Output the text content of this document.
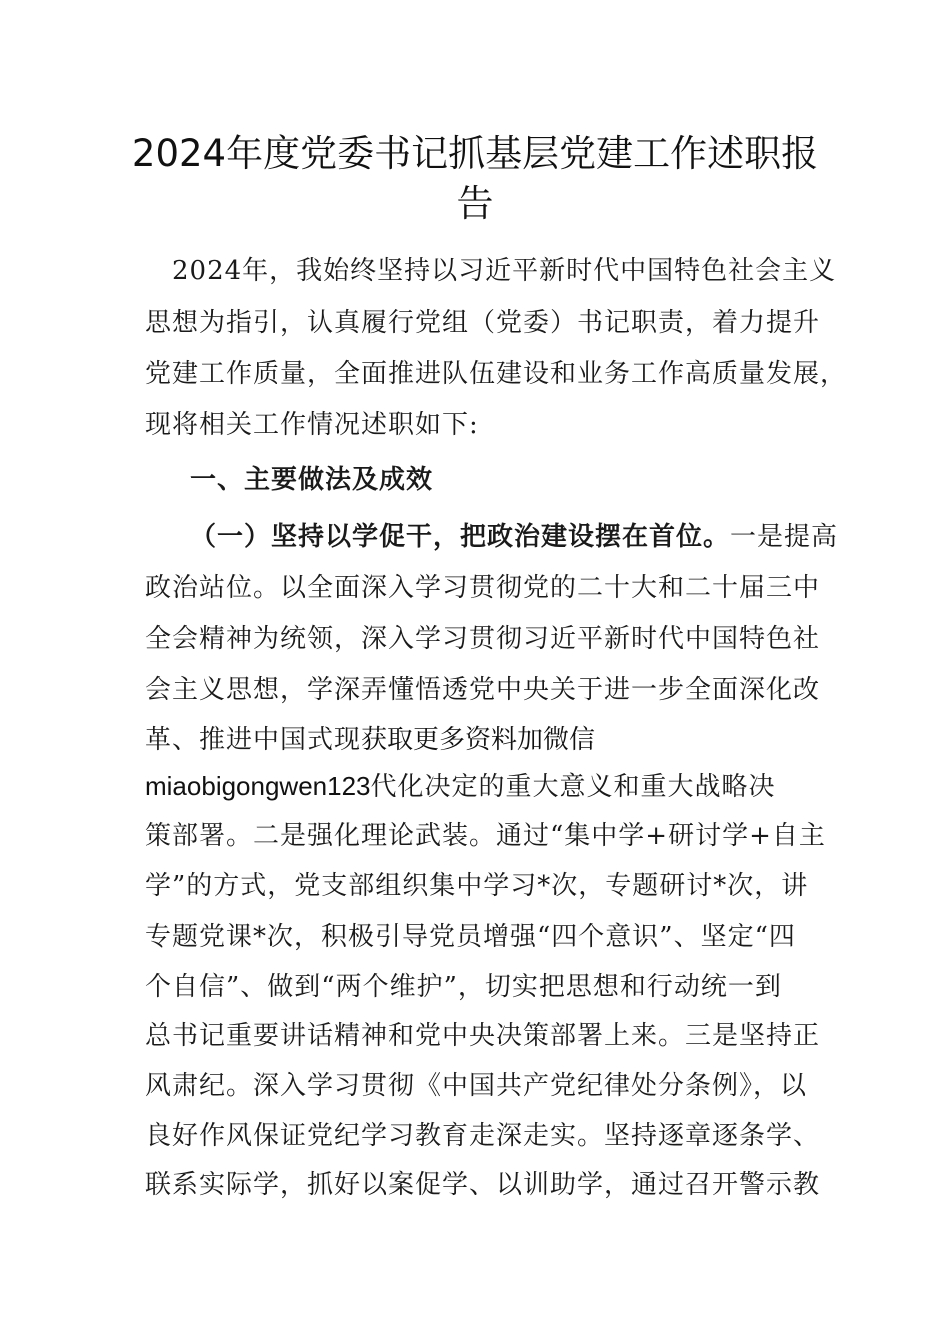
2024年度党委书记抓基层党建工作述职报
告
　2024年，我始终坚持以习近平新时代中国特色社会主义
思想为指引，认真履行党组（党委）书记职责，着力提升
党建工作质量，全面推进队伍建设和业务工作高质量发展，
现将相关工作情况述职如下:
一、主要做法及成效
（一）坚持以学促干，把政治建设摆在首位。一是提高
政治站位。以全面深入学习贯彻党的二十大和二十届三中
全会精神为统领，深入学习贯彻习近平新时代中国特色社
会主义思想，学深弄懂悟透党中央关于进一步全面深化改
革、推进中国式现获取更多资料加微信
miaobigongwen123代化决定的重大意义和重大战略决
策部署。二是强化理论武装。通过“集中学+研讨学+自主
学”的方式，党支部组织集中学习*次，专题研讨*次，讲
专题党课*次，积极引导党员增强“四个意识”、坚定“四
个自信”、做到“两个维护”，切实把思想和行动统一到
总书记重要讲话精神和党中央决策部署上来。三是坚持正
风肃纪。深入学习贯彻《中国共产党纪律处分条例》，以
良好作风保证党纪学习教育走深走实。坚持逐章逐条学、
联系实际学，抓好以案促学、以训助学，通过召开警示教
